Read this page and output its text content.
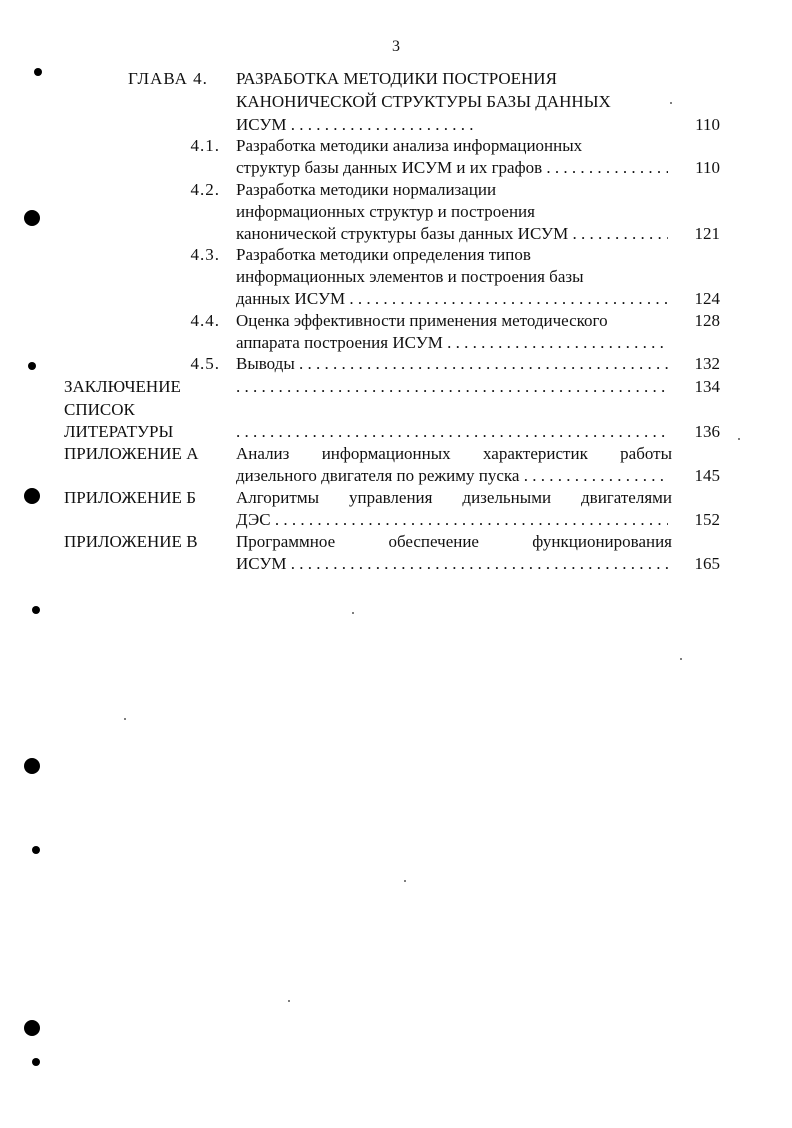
3
ГЛАВА 4. РАЗРАБОТКА МЕТОДИКИ ПОСТРОЕНИЯ
КАНОНИЧЕСКОЙ СТРУКТУРЫ БАЗЫ ДАННЫХ
ИСУМ . . .	110
4.1. Разработка методики анализа информационных
структур базы данных ИСУМ и их графов . . .	110
4.2. Разработка методики нормализации
информационных структур и построения
канонической структуры базы данных ИСУМ . . .	121
4.3. Разработка методики определения типов
информационных элементов и построения базы
данных ИСУМ . . .	124
4.4. Оценка эффективности применения методического	128
аппарата построения ИСУМ . . .
4.5. Выводы . . .	132
ЗАКЛЮЧЕНИЕ . . .	134
СПИСОК
ЛИТЕРАТУРЫ . . .	136
ПРИЛОЖЕНИЕ А Анализ информационных характеристик работы
дизельного двигателя по режиму пуска . . .	145
ПРИЛОЖЕНИЕ Б Алгоритмы управления дизельными двигателями
ДЭС . . .	152
ПРИЛОЖЕНИЕ В Программное обеспечение функционирования
ИСУМ . . .	165
